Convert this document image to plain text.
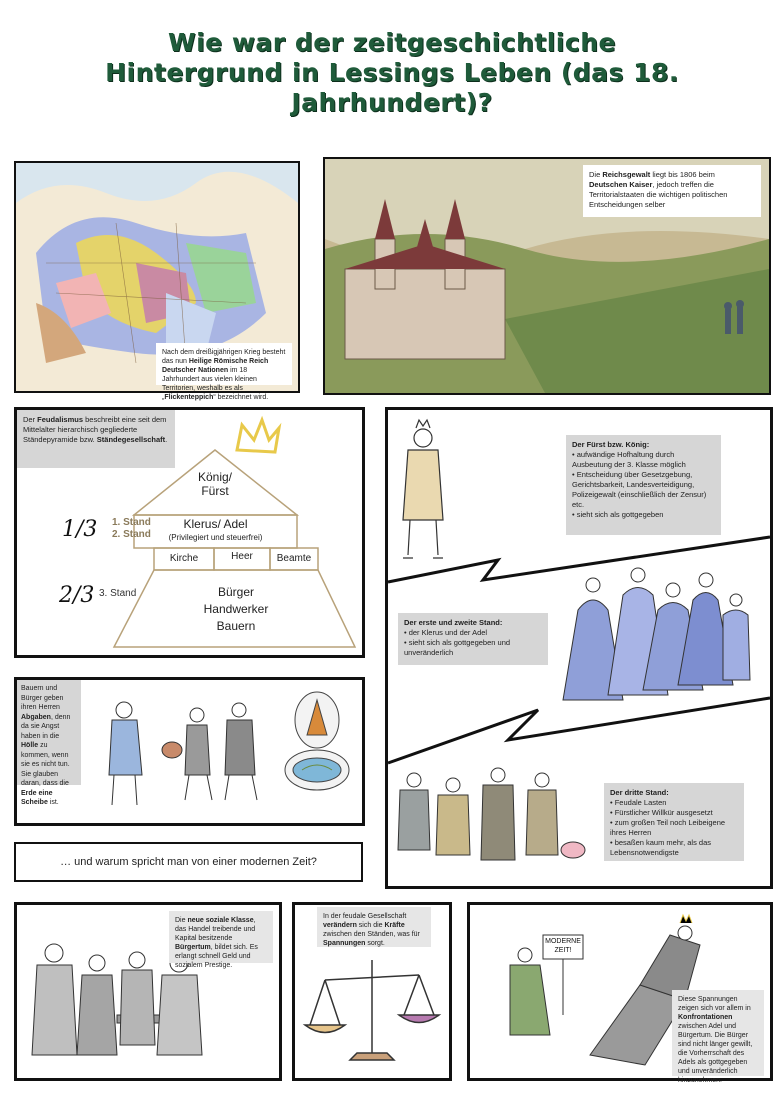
Wie war der zeitgeschichtliche Hintergrund in Lessings Leben (das 18. Jahrhundert)?
Nach dem dreißigjährigen Krieg besteht das nun Heilige Römische Reich Deutscher Nationen im 18 Jahrhundert aus vielen kleinen Territorien, weshalb es als „Flickenteppich“ bezeichnet wird.
Die Reichsgewalt liegt bis 1806 beim Deutschen Kaiser, jedoch treffen die Territorialstaaten die wichtigen politischen Entscheidungen selber
Der Feudalismus beschreibt eine seit dem Mittelalter hierarchisch gegliederte Ständepyramide bzw. Ständegesellschaft.
König/ Fürst
Klerus/ Adel
(Privilegiert und steuerfrei)
Kirche	Heer	Beamte
Bürger
Handwerker
Bauern
1. Stand
2. Stand
3. Stand
1/3
2/3
Der Fürst bzw. König:
• aufwändige Hofhaltung durch Ausbeutung der 3. Klasse möglich
• Entscheidung über Gesetzgebung, Gerichtsbarkeit, Landesverteidigung, Polizeigewalt (einschließlich der Zensur) etc.
• sieht sich als gottgegeben
Der erste und zweite Stand:
• der Klerus und der Adel
• sieht sich als gottgegeben und unveränderlich
Der dritte Stand:
• Feudale Lasten
• Fürstlicher Willkür ausgesetzt
• zum großen Teil noch Leibeigene ihres Herren
• besaßen kaum mehr, als das Lebensnotwendigste
Bauern und Bürger geben ihren Herren Abgaben, denn da sie Angst haben in die Hölle zu kommen, wenn sie es nicht tun. Sie glauben daran, dass die Erde eine Scheibe ist.
… und warum spricht man von einer modernen Zeit?
Die neue soziale Klasse, das Handel treibende und Kapital besitzende Bürgertum, bildet sich. Es erlangt schnell Geld und sozialem Prestige.
In der feudale Gesellschaft verändern sich die Kräfte zwischen den Ständen, was für Spannungen sorgt.	MODERNE ZEIT!
Diese Spannungen zeigen sich vor allem in Konfrontationen zwischen Adel und Bürgertum. Die Bürger sind nicht länger gewillt, die Vorherrschaft des Adels als gottgegeben und unveränderlich hinzunehmen.
